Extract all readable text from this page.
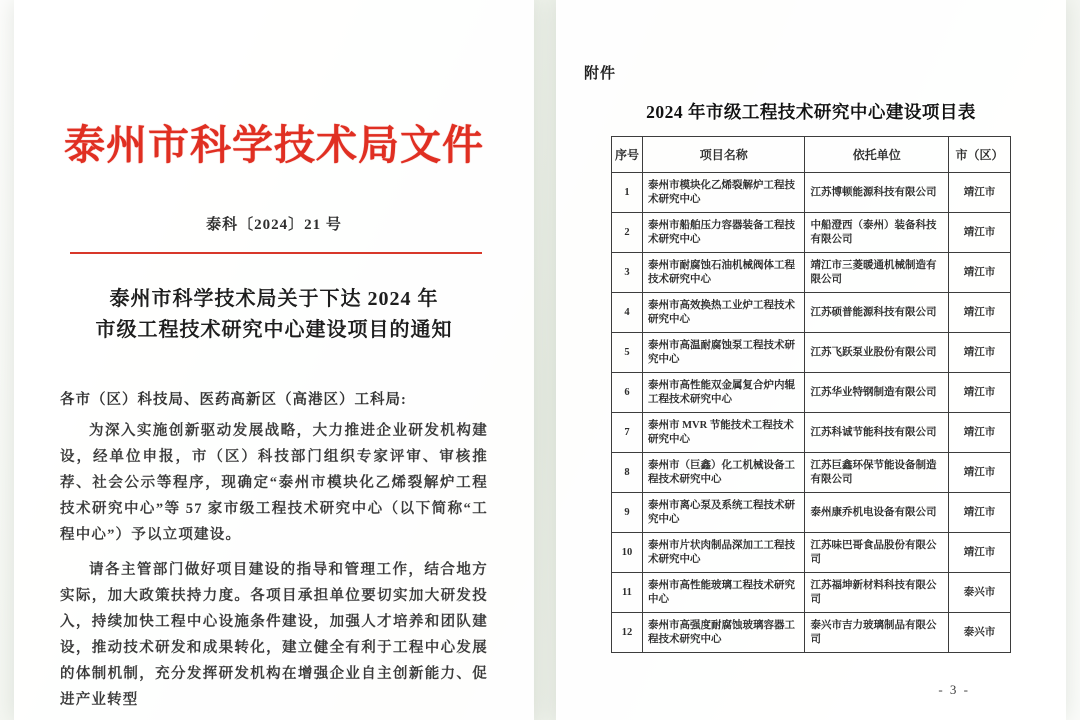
泰州市科学技术局文件
泰科〔2024〕21 号
泰州市科学技术局关于下达 2024 年
市级工程技术研究中心建设项目的通知
各市（区）科技局、医药高新区（高港区）工科局:
为深入实施创新驱动发展战略，大力推进企业研发机构建设，经单位申报，市（区）科技部门组织专家评审、审核推荐、社会公示等程序，现确定“泰州市模块化乙烯裂解炉工程技术研究中心”等 57 家市级工程技术研究中心（以下简称“工程中心”）予以立项建设。
请各主管部门做好项目建设的指导和管理工作，结合地方实际，加大政策扶持力度。各项目承担单位要切实加大研发投入，持续加快工程中心设施条件建设，加强人才培养和团队建设，推动技术研发和成果转化，建立健全有利于工程中心发展的体制机制，充分发挥研发机构在增强企业自主创新能力、促进产业转型
附件
2024 年市级工程技术研究中心建设项目表
序号	项目名称	依托单位	市（区）
1	泰州市模块化乙烯裂解炉工程技术研究中心	江苏博顿能源科技有限公司	靖江市
2	泰州市船舶压力容器装备工程技术研究中心	中船澄西（泰州）装备科技有限公司	靖江市
3	泰州市耐腐蚀石油机械阀体工程技术研究中心	靖江市三菱暖通机械制造有限公司	靖江市
4	泰州市高效换热工业炉工程技术研究中心	江苏硕普能源科技有限公司	靖江市
5	泰州市高温耐腐蚀泵工程技术研究中心	江苏飞跃泵业股份有限公司	靖江市
6	泰州市高性能双金属复合炉内辊工程技术研究中心	江苏华业特钢制造有限公司	靖江市
7	泰州市 MVR 节能技术工程技术研究中心	江苏科诚节能科技有限公司	靖江市
8	泰州市（巨鑫）化工机械设备工程技术研究中心	江苏巨鑫环保节能设备制造有限公司	靖江市
9	泰州市离心泵及系统工程技术研究中心	泰州康乔机电设备有限公司	靖江市
10	泰州市片状肉制品深加工工程技术研究中心	江苏味巴哥食品股份有限公司	靖江市
11	泰州市高性能玻璃工程技术研究中心	江苏福坤新材料科技有限公司	泰兴市
12	泰州市高强度耐腐蚀玻璃容器工程技术研究中心	泰兴市吉力玻璃制品有限公司	泰兴市
- 3 -
